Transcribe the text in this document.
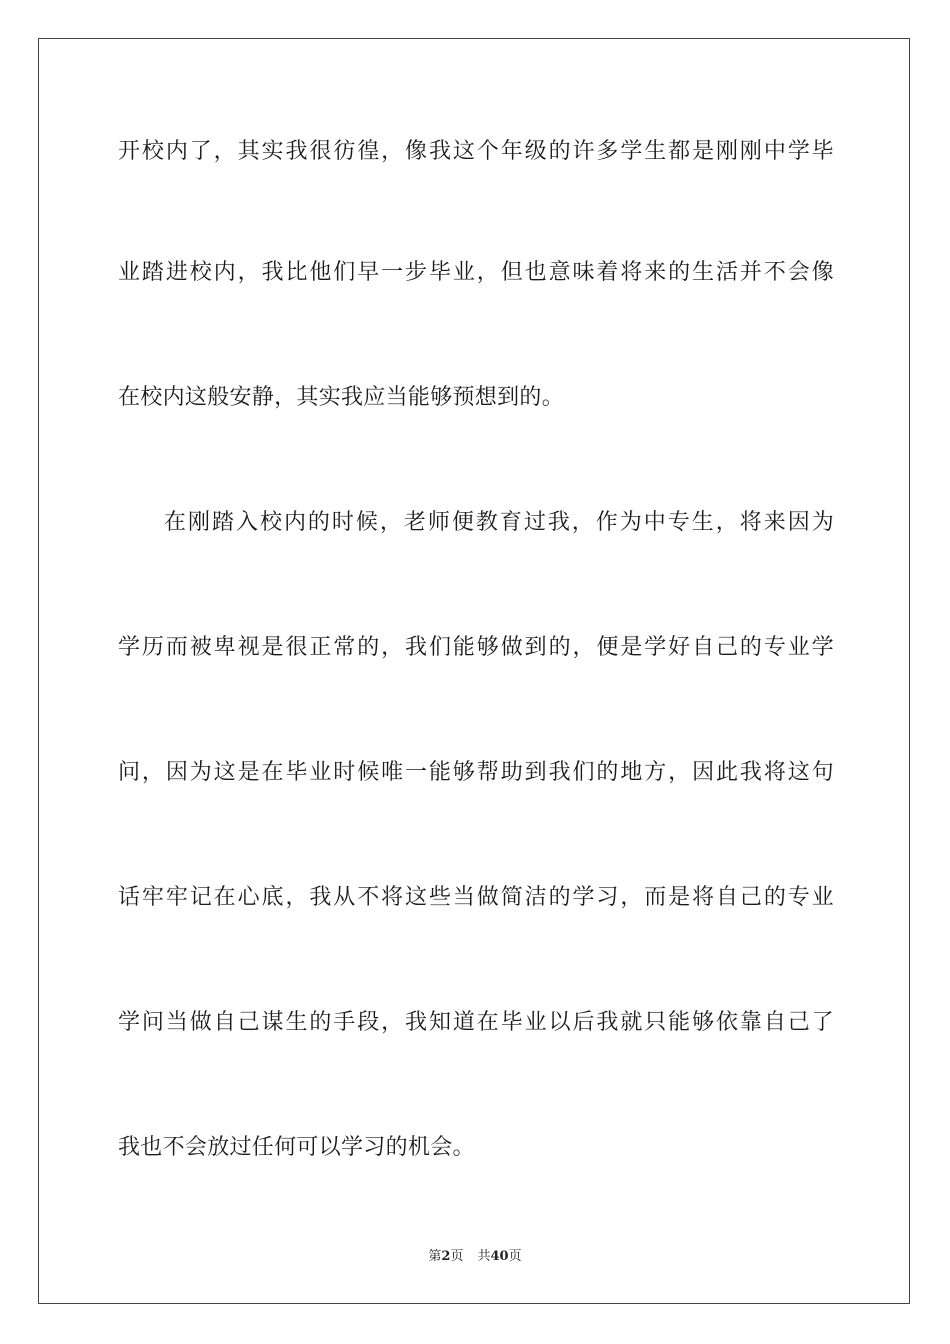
开校内了，其实我很彷徨，像我这个年级的许多学生都是刚刚中学毕
业踏进校内，我比他们早一步毕业，但也意味着将来的生活并不会像
在校内这般安静，其实我应当能够预想到的。
在刚踏入校内的时候，老师便教育过我，作为中专生，将来因为
学历而被卑视是很正常的，我们能够做到的，便是学好自己的专业学
问，因为这是在毕业时候唯一能够帮助到我们的地方，因此我将这句
话牢牢记在心底，我从不将这些当做简洁的学习，而是将自己的专业
学问当做自己谋生的手段，我知道在毕业以后我就只能够依靠自己了
我也不会放过任何可以学习的机会。
第2页 共40页
